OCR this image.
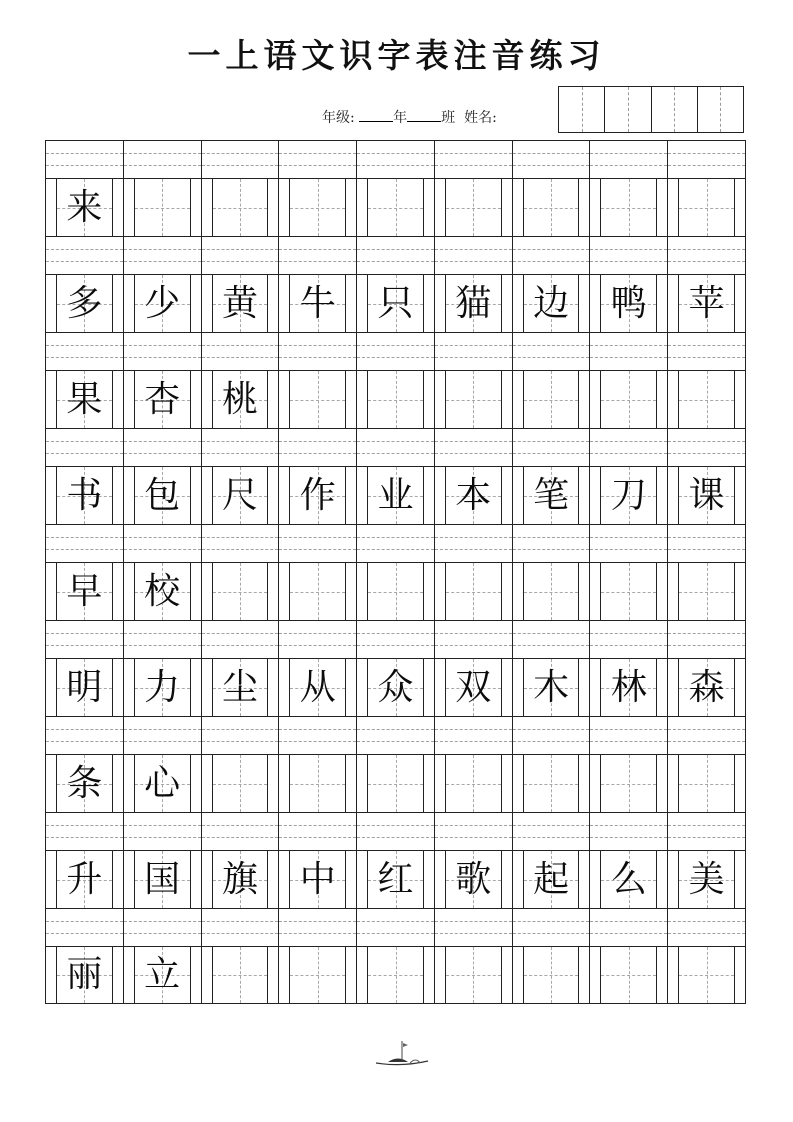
一上语文识字表注音练习
年级:	年 班 姓名:
来
多	少	黄	牛	只	猫	边	鸭	苹
果	杏	桃
书	包	尺	作	业	本	笔	刀	课
早	校
明	力	尘	从	众	双	木	林	森
条	心
升	国	旗	中	红	歌	起	么	美
丽	立
